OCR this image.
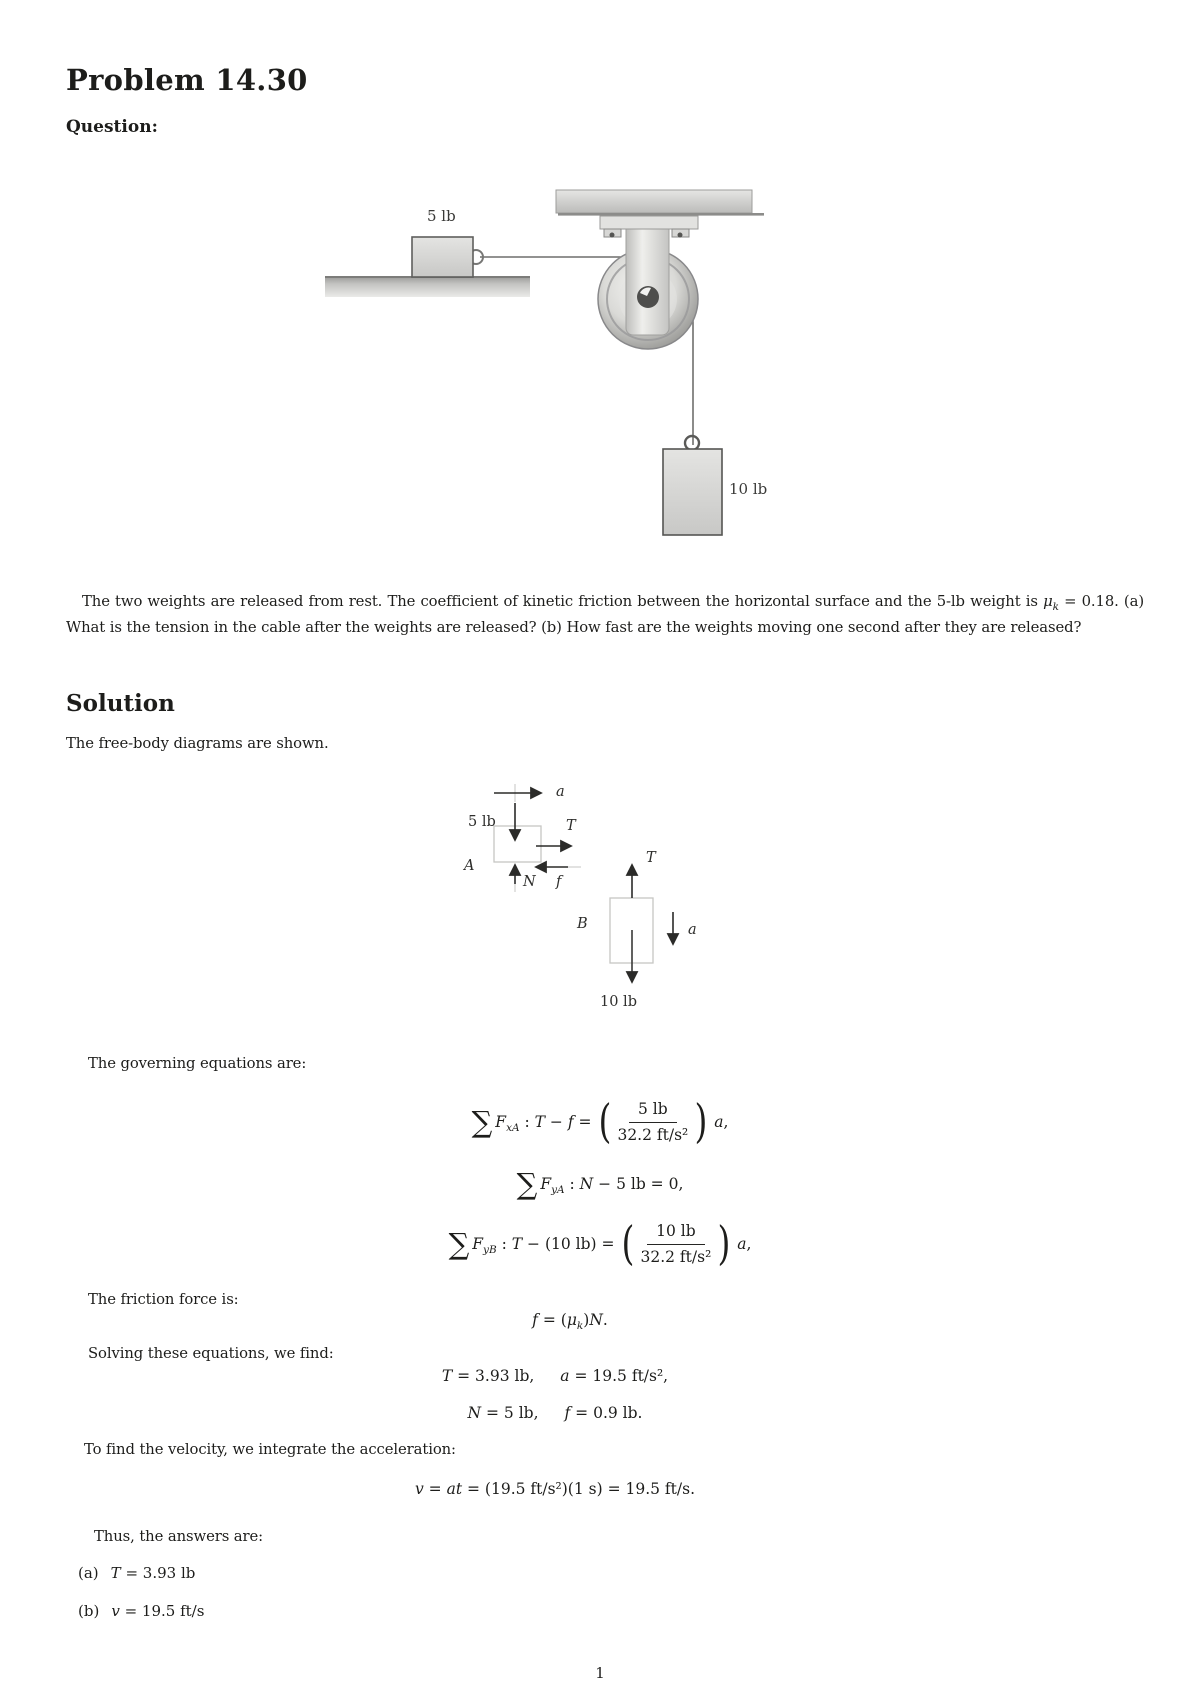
Problem 14.30
Question:
5 lb
10 lb

The two weights are released from rest. The coefficient of kinetic friction between the horizontal surface and the 5-lb weight is $\mu_k = 0.18$. (a) What is the tension in the cable after the weights are released? (b) How fast are the weights moving one second after they are released?

Solution
The free-body diagrams are shown.
a
5 lb	T
A
N f
T
B	a
10 lb
The governing equations are:
∑ $F_{xA}$ : T − f = ( $\frac{5 lb}{\text{32.2 ft/s²}}$ ) a,
∑ $F_{yA}$ : N − 5 lb = 0,
∑ $F_{yB}$ : T − (10 lb) = ( $\frac{10 lb}{\text{32.2 ft/s²}}$ ) a,
The friction force is:
$f = (\mu_k)N$.
Solving these equations, we find:
T = 3.93 lb, a = 19.5 ft/s²,
N = 5 lb, f = 0.9 lb.
To find the velocity, we integrate the acceleration:
v = at = (19.5 ft/s²)(1 s) = 19.5 ft/s.
Thus, the answers are:
(a) T = 3.93 lb
(b) v = 19.5 ft/s
1
